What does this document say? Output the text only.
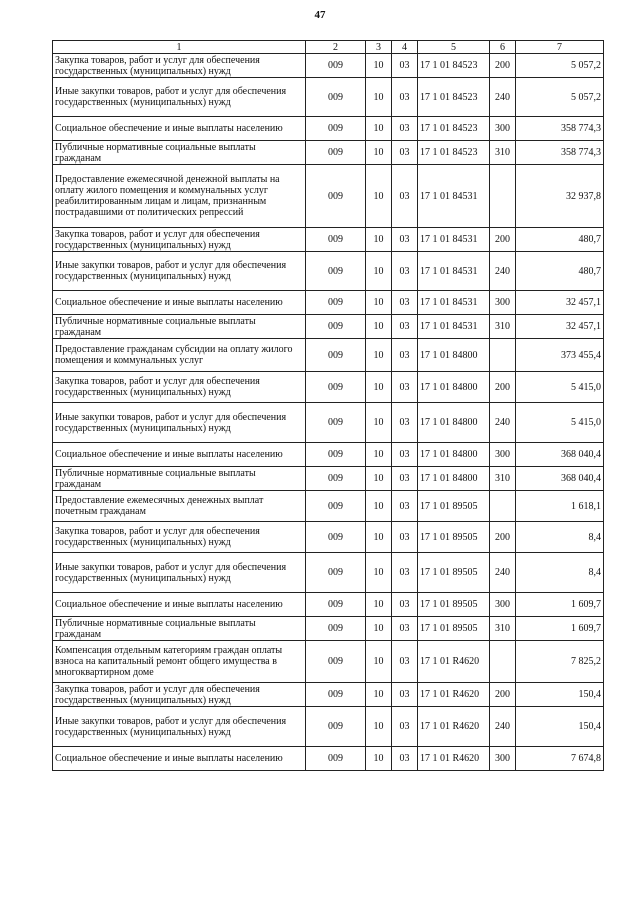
47
1	2	3	4	5	6	7
Закупка товаров, работ и услуг для обеспечения государственных (муниципальных) нужд	009	10	03	17 1 01 84523	200	5 057,2
Иные закупки товаров, работ и услуг для обеспечения государственных (муниципальных) нужд	009	10	03	17 1 01 84523	240	5 057,2
Социальное обеспечение и иные выплаты населению	009	10	03	17 1 01 84523	300	358 774,3
Публичные нормативные социальные выплаты гражданам	009	10	03	17 1 01 84523	310	358 774,3
Предоставление ежемесячной денежной выплаты на оплату жилого помещения и коммунальных услуг реабилитированным лицам и лицам, признанным пострадавшими от политических репрессий	009	10	03	17 1 01 84531		32 937,8
Закупка товаров, работ и услуг для обеспечения государственных (муниципальных) нужд	009	10	03	17 1 01 84531	200	480,7
Иные закупки товаров, работ и услуг для обеспечения государственных (муниципальных) нужд	009	10	03	17 1 01 84531	240	480,7
Социальное обеспечение и иные выплаты населению	009	10	03	17 1 01 84531	300	32 457,1
Публичные нормативные социальные выплаты гражданам	009	10	03	17 1 01 84531	310	32 457,1
Предоставление гражданам субсидии на оплату жилого помещения и коммунальных услуг	009	10	03	17 1 01 84800		373 455,4
Закупка товаров, работ и услуг для обеспечения государственных (муниципальных) нужд	009	10	03	17 1 01 84800	200	5 415,0
Иные закупки товаров, работ и услуг для обеспечения государственных (муниципальных) нужд	009	10	03	17 1 01 84800	240	5 415,0
Социальное обеспечение и иные выплаты населению	009	10	03	17 1 01 84800	300	368 040,4
Публичные нормативные социальные выплаты гражданам	009	10	03	17 1 01 84800	310	368 040,4
Предоставление ежемесячных денежных выплат почетным гражданам	009	10	03	17 1 01 89505		1 618,1
Закупка товаров, работ и услуг для обеспечения государственных (муниципальных) нужд	009	10	03	17 1 01 89505	200	8,4
Иные закупки товаров, работ и услуг для обеспечения государственных (муниципальных) нужд	009	10	03	17 1 01 89505	240	8,4
Социальное обеспечение и иные выплаты населению	009	10	03	17 1 01 89505	300	1 609,7
Публичные нормативные социальные выплаты гражданам	009	10	03	17 1 01 89505	310	1 609,7
Компенсация отдельным категориям граждан оплаты взноса на капитальный ремонт общего имущества в многоквартирном доме	009	10	03	17 1 01 R4620		7 825,2
Закупка товаров, работ и услуг для обеспечения государственных (муниципальных) нужд	009	10	03	17 1 01 R4620	200	150,4
Иные закупки товаров, работ и услуг для обеспечения государственных (муниципальных) нужд	009	10	03	17 1 01 R4620	240	150,4
Социальное обеспечение и иные выплаты населению	009	10	03	17 1 01 R4620	300	7 674,8
